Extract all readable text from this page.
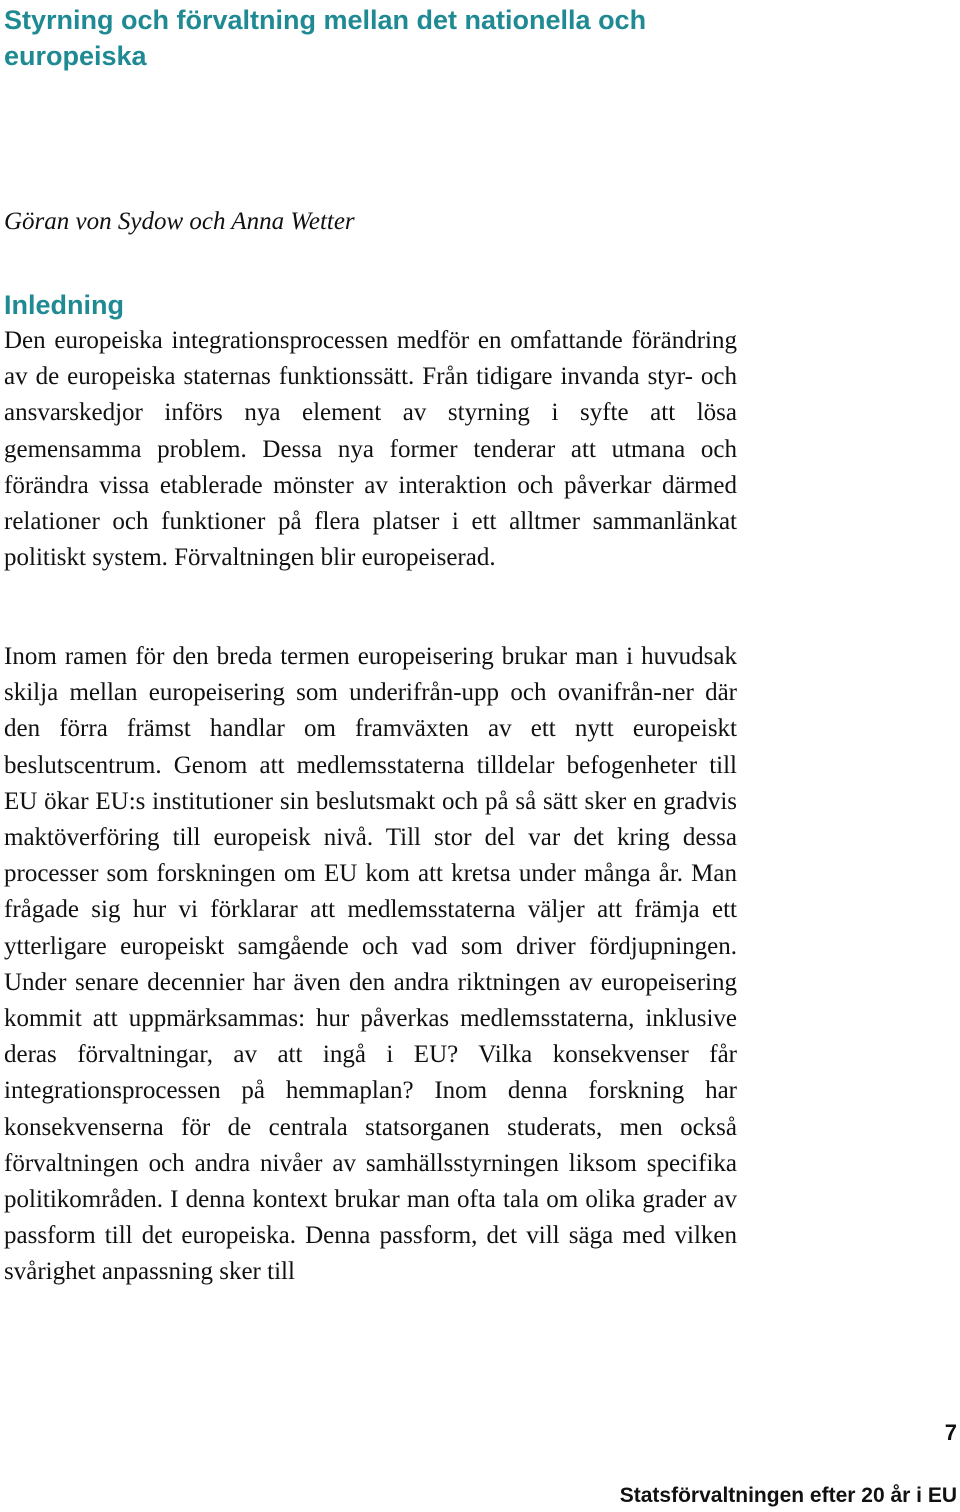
Styrning och förvaltning mellan det nationella och europeiska

Göran von Sydow och Anna Wetter

Inledning

Den europeiska integrationsprocessen medför en omfattande förändring av de europeiska staternas funktionssätt. Från tidigare invanda styr- och ansvarskedjor införs nya element av styrning i syfte att lösa gemensamma problem. Dessa nya former tenderar att utmana och förändra vissa etablerade mönster av interaktion och påverkar därmed relationer och funktioner på flera platser i ett alltmer sammanlänkat politiskt system. Förvaltningen blir europeiserad.

Inom ramen för den breda termen europeisering brukar man i huvudsak skilja mellan europeisering som underifrån-upp och ovanifrån-ner där den förra främst handlar om framväxten av ett nytt europeiskt beslutscentrum. Genom att medlemsstaterna tilldelar befogenheter till EU ökar EU:s institutioner sin beslutsmakt och på så sätt sker en gradvis maktöverföring till europeisk nivå. Till stor del var det kring dessa processer som forskningen om EU kom att kretsa under många år. Man frågade sig hur vi förklarar att medlemsstaterna väljer att främja ett ytterligare europeiskt samgående och vad som driver fördjupningen. Under senare decennier har även den andra riktningen av europeisering kommit att uppmärksammas: hur påverkas medlemsstaterna, inklusive deras förvaltningar, av att ingå i EU? Vilka konsekvenser får integrationsprocessen på hemmaplan? Inom denna forskning har konsekvenserna för de centrala statsorganen studerats, men också förvaltningen och andra nivåer av samhällsstyrningen liksom specifika politikområden. I denna kontext brukar man ofta tala om olika grader av passform till det europeiska. Denna passform, det vill säga med vilken svårighet anpassning sker till

7
Statsförvaltningen efter 20 år i EU
